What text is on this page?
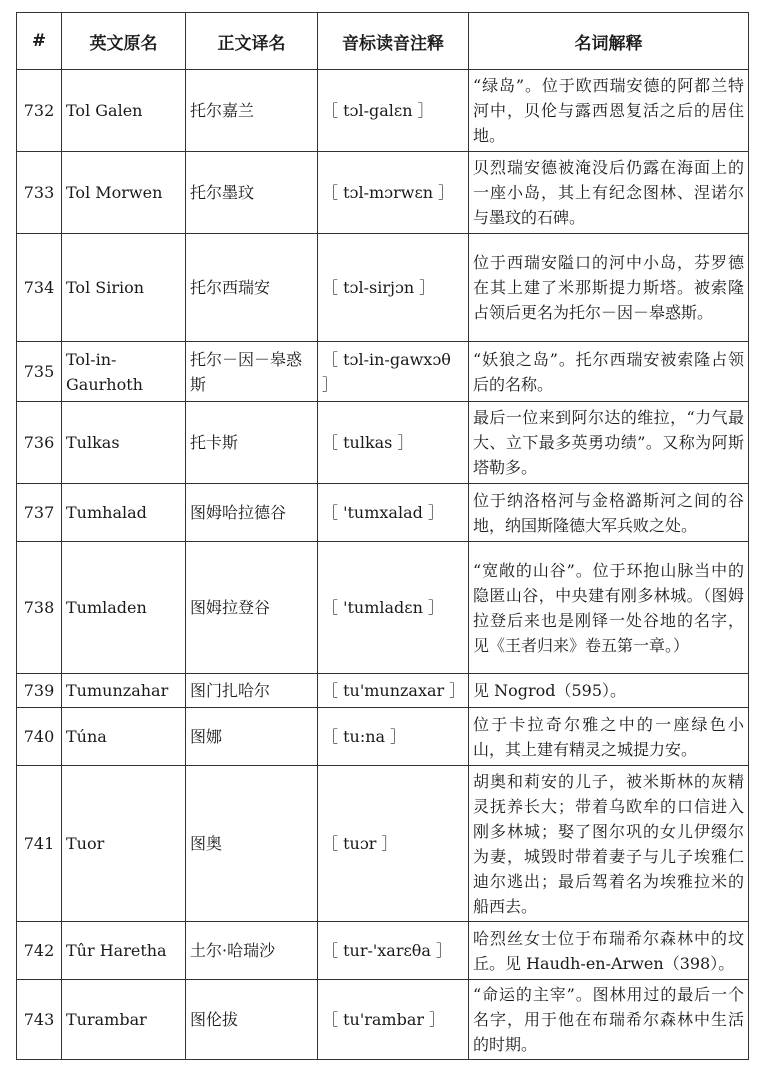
#	英文原名	正文译名	音标读音注释	名词解释
732	Tol Galen	托尔嘉兰	［ tɔl-galɛn ］	“绿岛”。位于欧西瑞安德的阿都兰特河中，贝伦与露西恩复活之后的居住地。
733	Tol Morwen	托尔墨玟	［ tɔl-mɔrwɛn ］	贝烈瑞安德被淹没后仍露在海面上的一座小岛，其上有纪念图林、涅诺尔与墨玟的石碑。
734	Tol Sirion	托尔西瑞安	［ tɔl-sirjɔn ］	位于西瑞安隘口的河中小岛，芬罗德在其上建了米那斯提力斯塔。被索隆占领后更名为托尔－因－皋惑斯。
735	Tol-in-Gaurhoth	托尔－因－皋惑斯	［ tɔl-in-gawxɔθ ］	“妖狼之岛”。托尔西瑞安被索隆占领后的名称。
736	Tulkas	托卡斯	［ tulkas ］	最后一位来到阿尔达的维拉，“力气最大、立下最多英勇功绩”。又称为阿斯塔勒多。
737	Tumhalad	图姆哈拉德谷	［ 'tumxalad ］	位于纳洛格河与金格潞斯河之间的谷地，纳国斯隆德大军兵败之处。
738	Tumladen	图姆拉登谷	［ 'tumladɛn ］	“宽敞的山谷”。位于环抱山脉当中的隐匿山谷，中央建有刚多林城。（图姆拉登后来也是刚铎一处谷地的名字，见《王者归来》卷五第一章。）
739	Tumunzahar	图门扎哈尔	［ tu'munzaxar ］	见 Nogrod（595）。
740	Túna	图娜	［ tu:na ］	位于卡拉奇尔雅之中的一座绿色小山，其上建有精灵之城提力安。
741	Tuor	图奥	［ tuɔr ］	胡奥和莉安的儿子，被米斯林的灰精灵抚养长大；带着乌欧牟的口信进入刚多林城；娶了图尔巩的女儿伊缀尔为妻，城毁时带着妻子与儿子埃雅仁迪尔逃出；最后驾着名为埃雅拉米的船西去。
742	Tûr Haretha	土尔·哈瑞沙	［ tur-'xarɛθa ］	哈烈丝女士位于布瑞希尔森林中的坟丘。见 Haudh-en-Arwen（398）。
743	Turambar	图伦拔	［ tu'rambar ］	“命运的主宰”。图林用过的最后一个名字，用于他在布瑞希尔森林中生活的时期。
